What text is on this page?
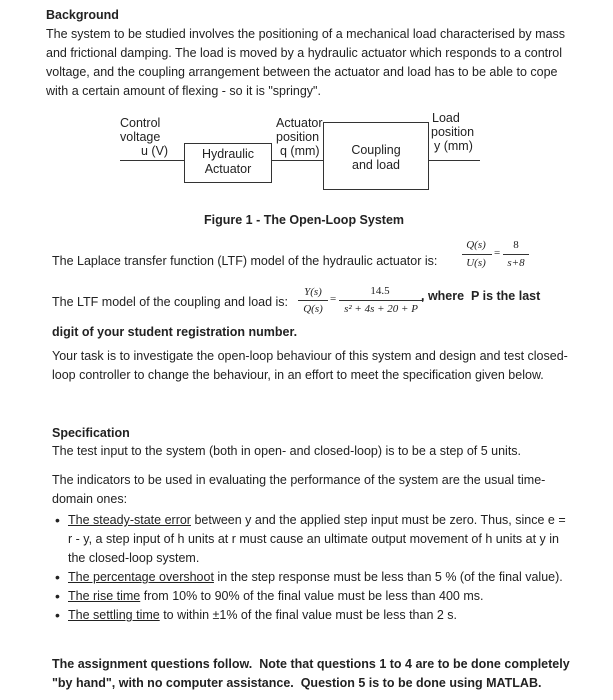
Background
The system to be studied involves the positioning of a mechanical load characterised by mass and frictional damping. The load is moved by a hydraulic actuator which responds to a control voltage, and the coupling arrangement between the actuator and load has to be able to cope with a certain amount of flexing - so it is "springy".
Control
voltage
u (V)	Hydraulic
Actuator
Actuator
position
q (mm)	Coupling
and load
Load
position
y (mm)
Figure 1 - The Open-Loop System
The Laplace transfer function (LTF) model of the hydraulic actuator is:
Q(s)
U(s)
=
8
s+8
The LTF model of the coupling and load is:
Y(s)
Q(s)
=
14.5
s² + 4s + 20 + P
, where  P is the last
digit of your student registration number.
Your task is to investigate the open-loop behaviour of this system and design and test closed-loop controller to change the behaviour, in an effort to meet the specification given below.
Specification
The test input to the system (both in open- and closed-loop) is to be a step of 5 units.
The indicators to be used in evaluating the performance of the system are the usual time-domain ones:
• The steady-state error between y and the applied step input must be zero. Thus, since e = r - y, a step input of h units at r must cause an ultimate output movement of h units at y in the closed-loop system.
• The percentage overshoot in the step response must be less than 5 % (of the final value).
• The rise time from 10% to 90% of the final value must be less than 400 ms.
• The settling time to within ±1% of the final value must be less than 2 s.
The assignment questions follow.  Note that questions 1 to 4 are to be done completely "by hand", with no computer assistance.  Question 5 is to be done using MATLAB.
